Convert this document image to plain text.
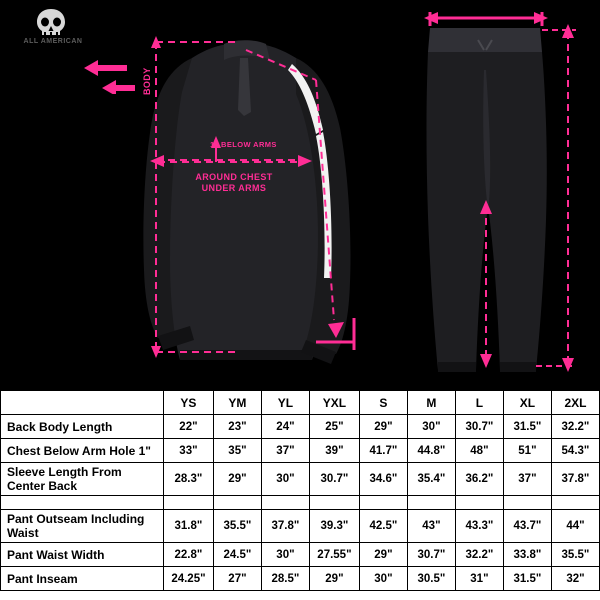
ALL AMERICAN
BODY
1" BELOW ARMS
AROUND CHEST
UNDER ARMS
	YS	YM	YL	YXL	S	M	L	XL	2XL
Back Body Length	22"	23"	24"	25"	29"	30"	30.7"	31.5"	32.2"
Chest Below Arm Hole 1"	33"	35"	37"	39"	41.7"	44.8"	48"	51"	54.3"
Sleeve Length From Center Back	28.3"	29"	30"	30.7"	34.6"	35.4"	36.2"	37"	37.8"

Pant Outseam Including Waist	31.8"	35.5"	37.8"	39.3"	42.5"	43"	43.3"	43.7"	44"
Pant Waist Width	22.8"	24.5"	30"	27.55"	29"	30.7"	32.2"	33.8"	35.5"
Pant Inseam	24.25"	27"	28.5"	29"	30"	30.5"	31"	31.5"	32"
